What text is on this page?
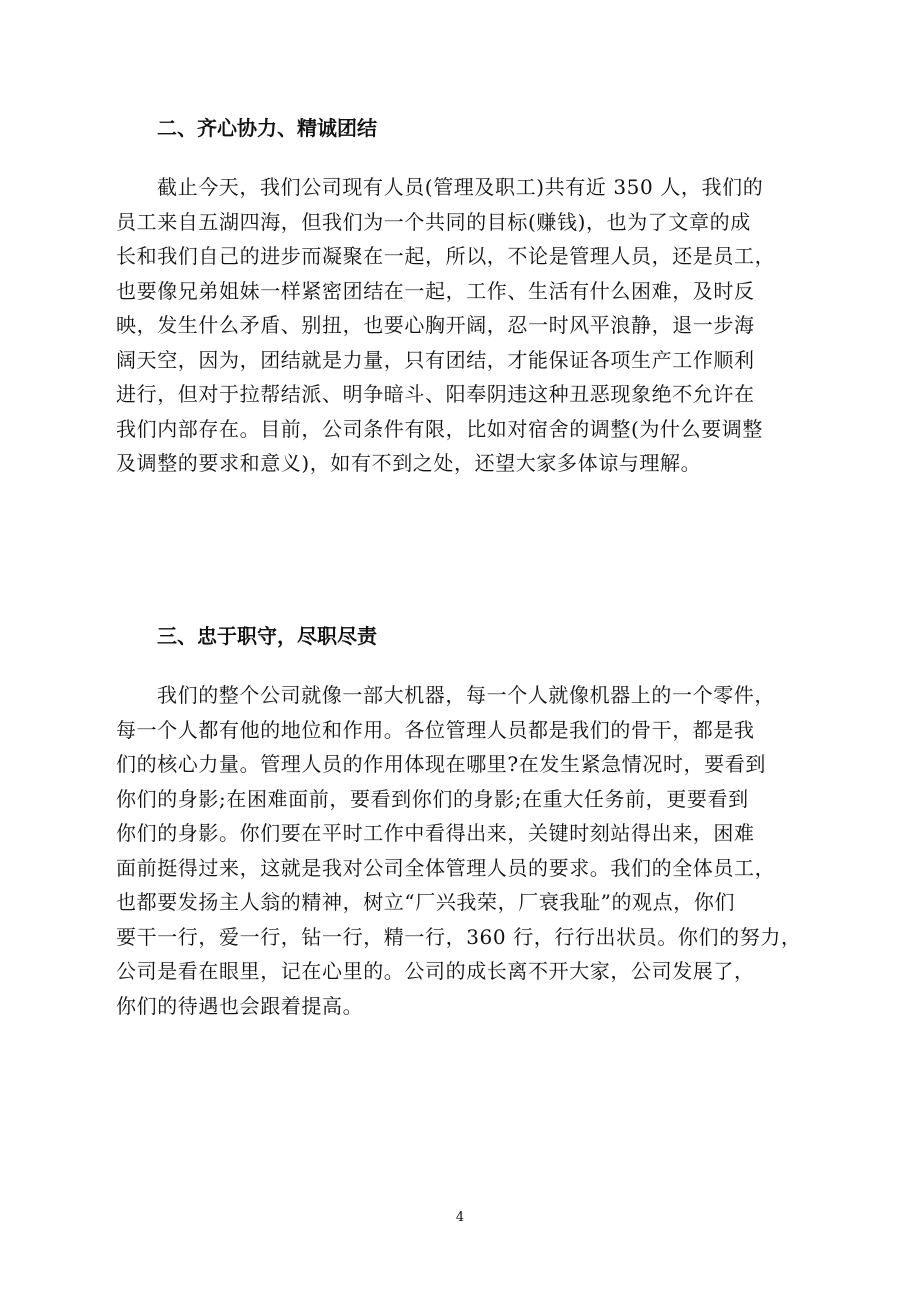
二、齐心协力、精诚团结
截止今天，我们公司现有人员(管理及职工)共有近 350 人，我们的
员工来自五湖四海，但我们为一个共同的目标(赚钱)，也为了文章的成
长和我们自己的进步而凝聚在一起，所以，不论是管理人员，还是员工，
也要像兄弟姐妹一样紧密团结在一起，工作、生活有什么困难，及时反
映，发生什么矛盾、别扭，也要心胸开阔，忍一时风平浪静，退一步海
阔天空，因为，团结就是力量，只有团结，才能保证各项生产工作顺利
进行，但对于拉帮结派、明争暗斗、阳奉阴违这种丑恶现象绝不允许在
我们内部存在。目前，公司条件有限，比如对宿舍的调整(为什么要调整
及调整的要求和意义)，如有不到之处，还望大家多体谅与理解。
三、忠于职守，尽职尽责
我们的整个公司就像一部大机器，每一个人就像机器上的一个零件，
每一个人都有他的地位和作用。各位管理人员都是我们的骨干，都是我
们的核心力量。管理人员的作用体现在哪里?在发生紧急情况时，要看到
你们的身影;在困难面前，要看到你们的身影;在重大任务前，更要看到
你们的身影。你们要在平时工作中看得出来，关键时刻站得出来，困难
面前挺得过来，这就是我对公司全体管理人员的要求。我们的全体员工，
也都要发扬主人翁的精神，树立“厂兴我荣，厂衰我耻”的观点，你们
要干一行，爱一行，钻一行，精一行，360 行，行行出状员。你们的努力，
公司是看在眼里，记在心里的。公司的成长离不开大家，公司发展了，
你们的待遇也会跟着提高。
4
